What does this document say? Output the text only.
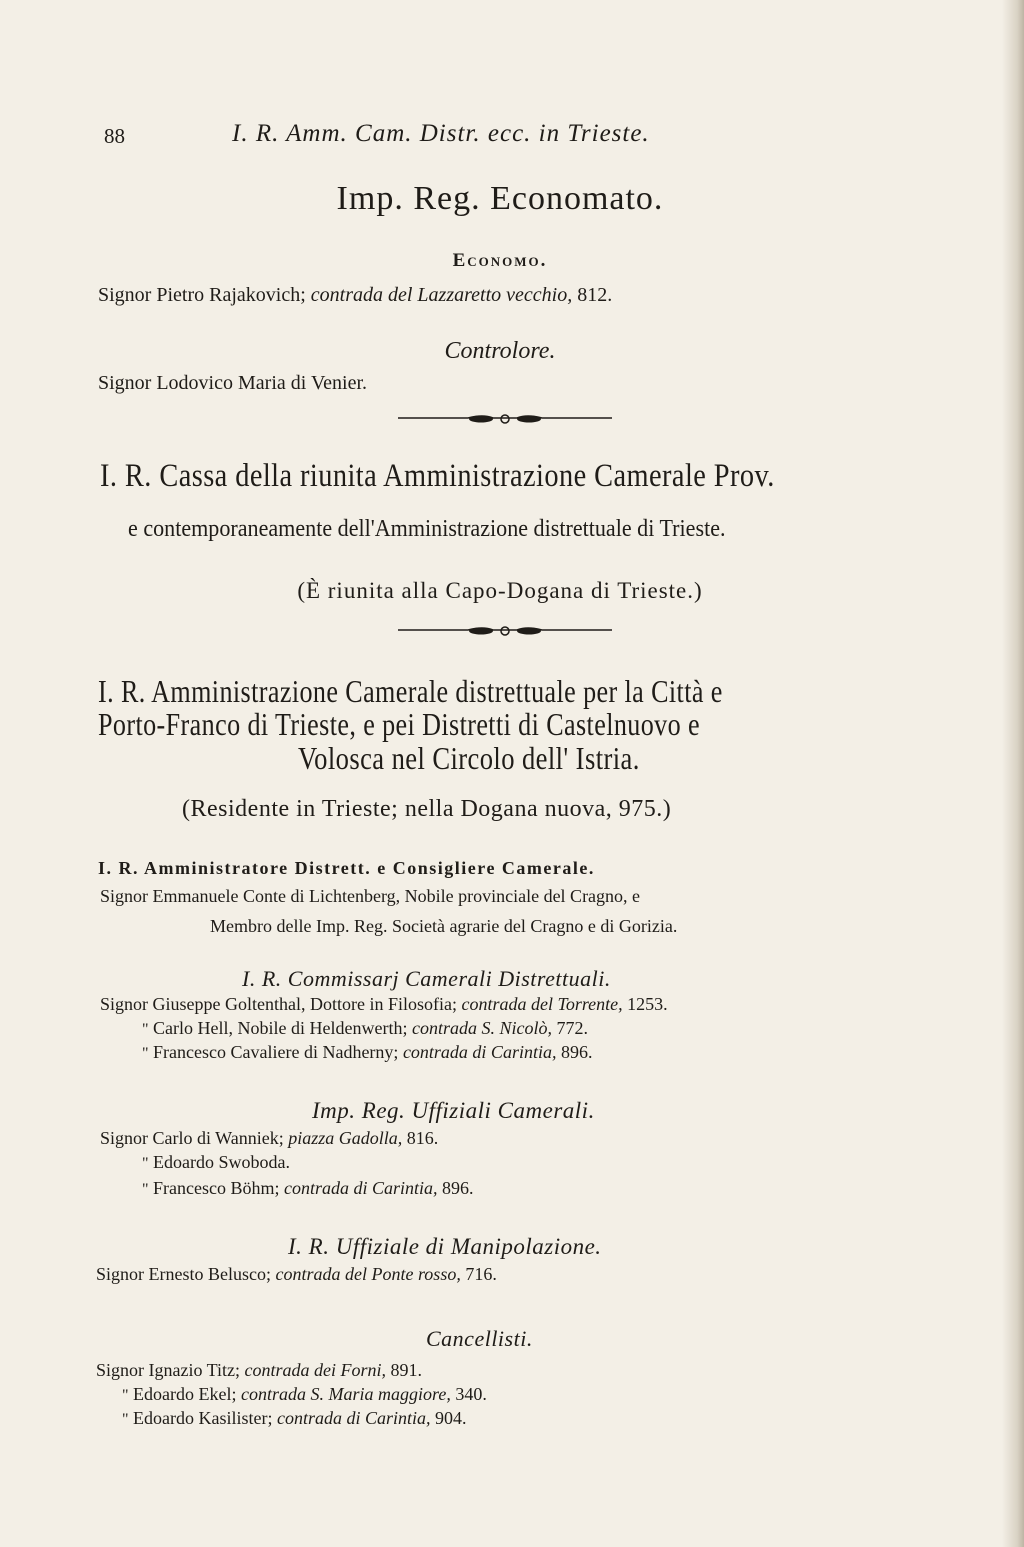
88	I. R. Amm. Cam. Distr. ecc. in Trieste.
Imp. Reg. Economato.
Economo.
Signor Pietro Rajakovich; contrada del Lazzaretto vecchio, 812.
Controlore.
Signor Lodovico Maria di Venier.
I. R. Cassa della riunita Amministrazione Camerale Prov.
e contemporaneamente dell'Amministrazione distrettuale di Trieste.
(È riunita alla Capo-Dogana di Trieste.)
I. R. Amministrazione Camerale distrettuale per la Città e
Porto-Franco di Trieste, e pei Distretti di Castelnuovo e
Volosca nel Circolo dell' Istria.
(Residente in Trieste; nella Dogana nuova, 975.)
I. R. Amministratore Distrett. e Consigliere Camerale.
Signor Emmanuele Conte di Lichtenberg, Nobile provinciale del Cragno, e
Membro delle Imp. Reg. Società agrarie del Cragno e di Gorizia.
I. R. Commissarj Camerali Distrettuali.
Signor Giuseppe Goltenthal, Dottore in Filosofia; contrada del Torrente, 1253.
" Carlo Hell, Nobile di Heldenwerth; contrada S. Nicolò, 772.
" Francesco Cavaliere di Nadherny; contrada di Carintia, 896.
Imp. Reg. Uffiziali Camerali.
Signor Carlo di Wanniek; piazza Gadolla, 816.
" Edoardo Swoboda.
" Francesco Böhm; contrada di Carintia, 896.
I. R. Uffiziale di Manipolazione.
Signor Ernesto Belusco; contrada del Ponte rosso, 716.
Cancellisti.
Signor Ignazio Titz; contrada dei Forni, 891.
" Edoardo Ekel; contrada S. Maria maggiore, 340.
" Edoardo Kasilister; contrada di Carintia, 904.
